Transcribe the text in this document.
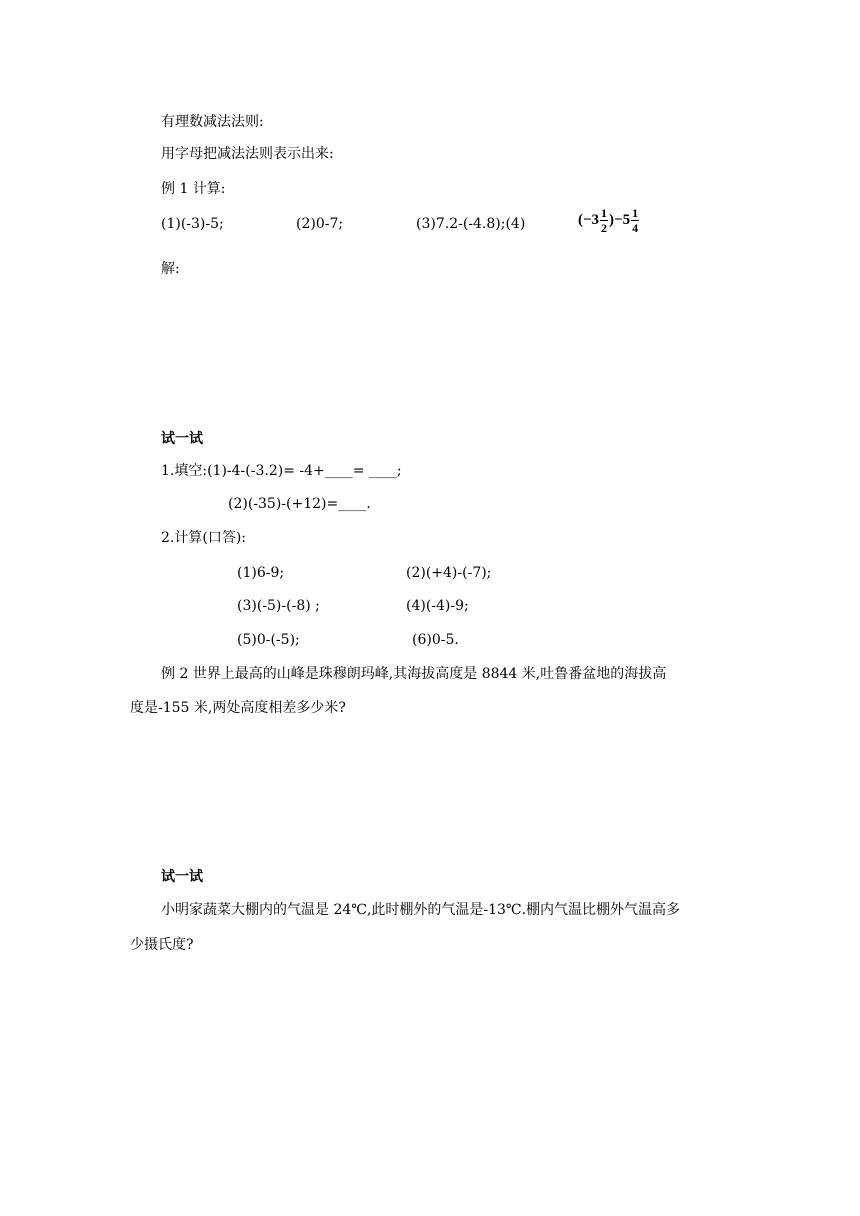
有理数减法法则:
用字母把减法法则表示出来:
例 1 计算:
(1)(-3)-5;	(2)0-7;	(3)7.2-(-4.8);(4)	$(-3 \frac{1}{2} )-5 \frac{1}{4}$
解:
试一试
1.填空:(1)-4-(-3.2)= -4+____= ____;
(2)(-35)-(+12)=____.
2.计算(口答):
(1)6-9;	(2)(+4)-(-7);
(3)(-5)-(-8) ;	(4)(-4)-9;
(5)0-(-5);	(6)0-5.
例 2 世界上最高的山峰是珠穆朗玛峰,其海拔高度是 8844 米,吐鲁番盆地的海拔高
度是-155 米,两处高度相差多少米?
试一试
小明家蔬菜大棚内的气温是 24℃,此时棚外的气温是-13℃.棚内气温比棚外气温高多
少摄氏度?
